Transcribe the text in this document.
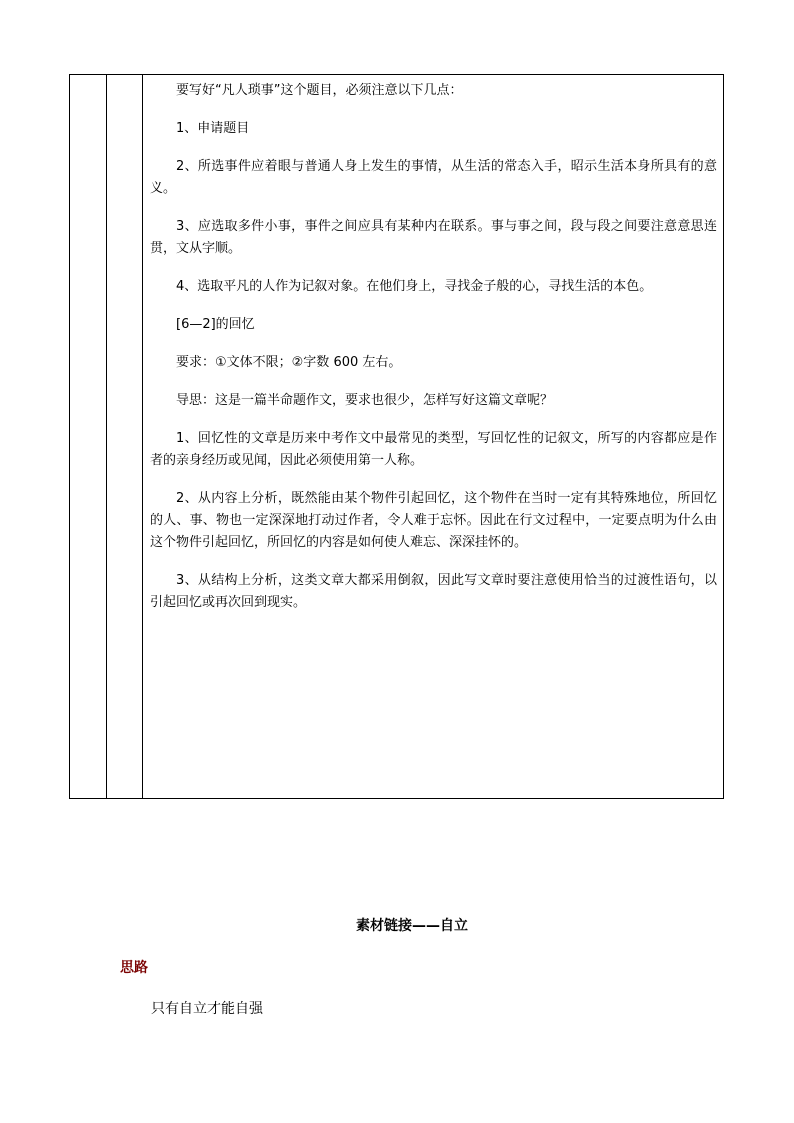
要写好“凡人琐事”这个题目，必须注意以下几点：

1、申请题目

2、所选事件应着眼与普通人身上发生的事情，从生活的常态入手，昭示生活本身所具有的意义。

3、应选取多件小事，事件之间应具有某种内在联系。事与事之间，段与段之间要注意意思连贯，文从字顺。

4、选取平凡的人作为记叙对象。在他们身上，寻找金子般的心，寻找生活的本色。

[6—2]的回忆

要求：①文体不限；②字数 600 左右。

导思：这是一篇半命题作文，要求也很少，怎样写好这篇文章呢？

1、回忆性的文章是历来中考作文中最常见的类型，写回忆性的记叙文，所写的内容都应是作者的亲身经历或见闻，因此必须使用第一人称。

2、从内容上分析，既然能由某个物件引起回忆，这个物件在当时一定有其特殊地位，所回忆的人、事、物也一定深深地打动过作者，令人难于忘怀。因此在行文过程中，一定要点明为什么由这个物件引起回忆，所回忆的内容是如何使人难忘、深深挂怀的。

3、从结构上分析，这类文章大都采用倒叙，因此写文章时要注意使用恰当的过渡性语句，以引起回忆或再次回到现实。

素材链接——自立
思路
只有自立才能自强
